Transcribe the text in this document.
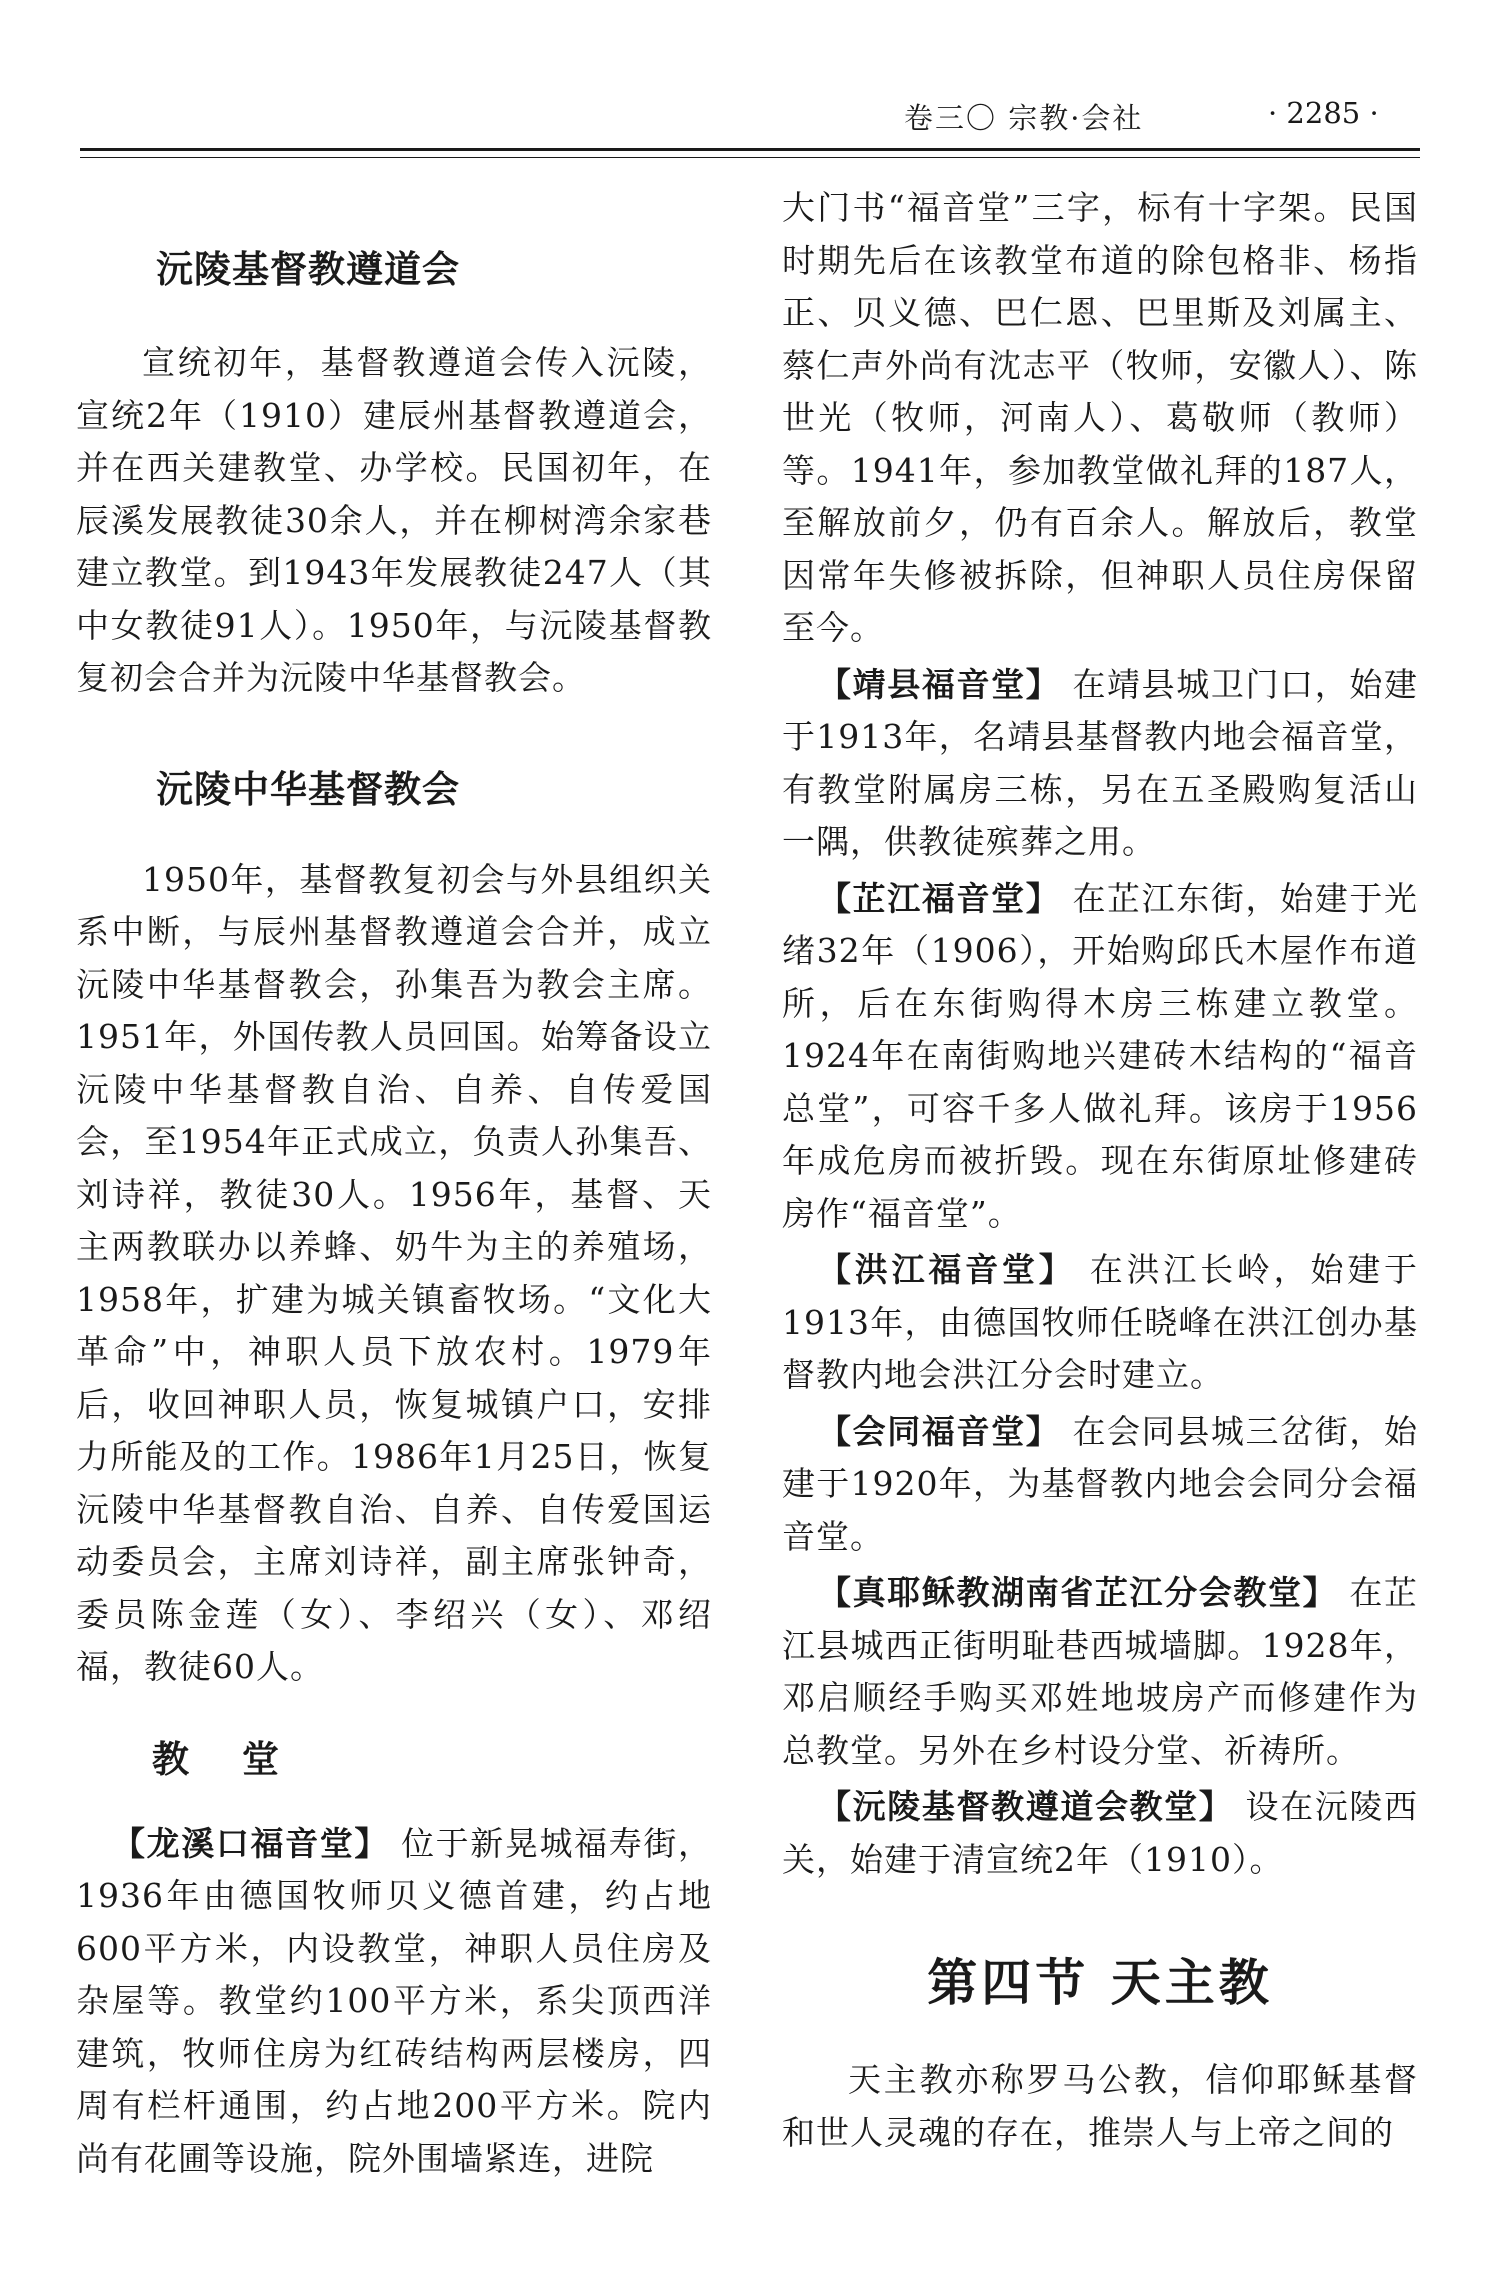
卷三〇 宗教·会社	· 2285 ·
沅陵基督教遵道会

宣统初年，基督教遵道会传入沅陵，宣统2年（1910）建辰州基督教遵道会，并在西关建教堂、办学校。民国初年，在辰溪发展教徒30余人，并在柳树湾余家巷建立教堂。到1943年发展教徒247人（其中女教徒91人）。1950年，与沅陵基督教复初会合并为沅陵中华基督教会。

沅陵中华基督教会

1950年，基督教复初会与外县组织关系中断，与辰州基督教遵道会合并，成立沅陵中华基督教会，孙集吾为教会主席。1951年，外国传教人员回国。始筹备设立沅陵中华基督教自治、自养、自传爱国会，至1954年正式成立，负责人孙集吾、刘诗祥，教徒30人。1956年，基督、天主两教联办以养蜂、奶牛为主的养殖场，1958年，扩建为城关镇畜牧场。“文化大革命”中，神职人员下放农村。1979年后，收回神职人员，恢复城镇户口，安排力所能及的工作。1986年1月25日，恢复沅陵中华基督教自治、自养、自传爱国运动委员会，主席刘诗祥，副主席张钟奇，委员陈金莲（女）、李绍兴（女）、邓绍福，教徒60人。

教 堂

【龙溪口福音堂】 位于新晃城福寿街，1936年由德国牧师贝义德首建，约占地600平方米，内设教堂，神职人员住房及杂屋等。教堂约100平方米，系尖顶西洋建筑，牧师住房为红砖结构两层楼房，四周有栏杆通围，约占地200平方米。院内尚有花圃等设施，院外围墙紧连，进院

大门书“福音堂”三字，标有十字架。民国时期先后在该教堂布道的除包格非、杨指正、贝义德、巴仁恩、巴里斯及刘属主、蔡仁声外尚有沈志平（牧师，安徽人）、陈世光（牧师，河南人）、葛敬师（教师）等。1941年，参加教堂做礼拜的187人，至解放前夕，仍有百余人。解放后，教堂因常年失修被拆除，但神职人员住房保留至今。

【靖县福音堂】 在靖县城卫门口，始建于1913年，名靖县基督教内地会福音堂，有教堂附属房三栋，另在五圣殿购复活山一隅，供教徒殡葬之用。

【芷江福音堂】 在芷江东街，始建于光绪32年（1906），开始购邱氏木屋作布道所，后在东街购得木房三栋建立教堂。1924年在南街购地兴建砖木结构的“福音总堂”，可容千多人做礼拜。该房于1956年成危房而被折毁。现在东街原址修建砖房作“福音堂”。

【洪江福音堂】 在洪江长岭，始建于1913年，由德国牧师任晓峰在洪江创办基督教内地会洪江分会时建立。

【会同福音堂】 在会同县城三岔街，始建于1920年，为基督教内地会会同分会福音堂。

【真耶稣教湖南省芷江分会教堂】 在芷江县城西正街明耻巷西城墙脚。1928年，邓启顺经手购买邓姓地坡房产而修建作为总教堂。另外在乡村设分堂、祈祷所。

【沅陵基督教遵道会教堂】 设在沅陵西关，始建于清宣统2年（1910）。

第四节 天主教

天主教亦称罗马公教，信仰耶稣基督和世人灵魂的存在，推崇人与上帝之间的
